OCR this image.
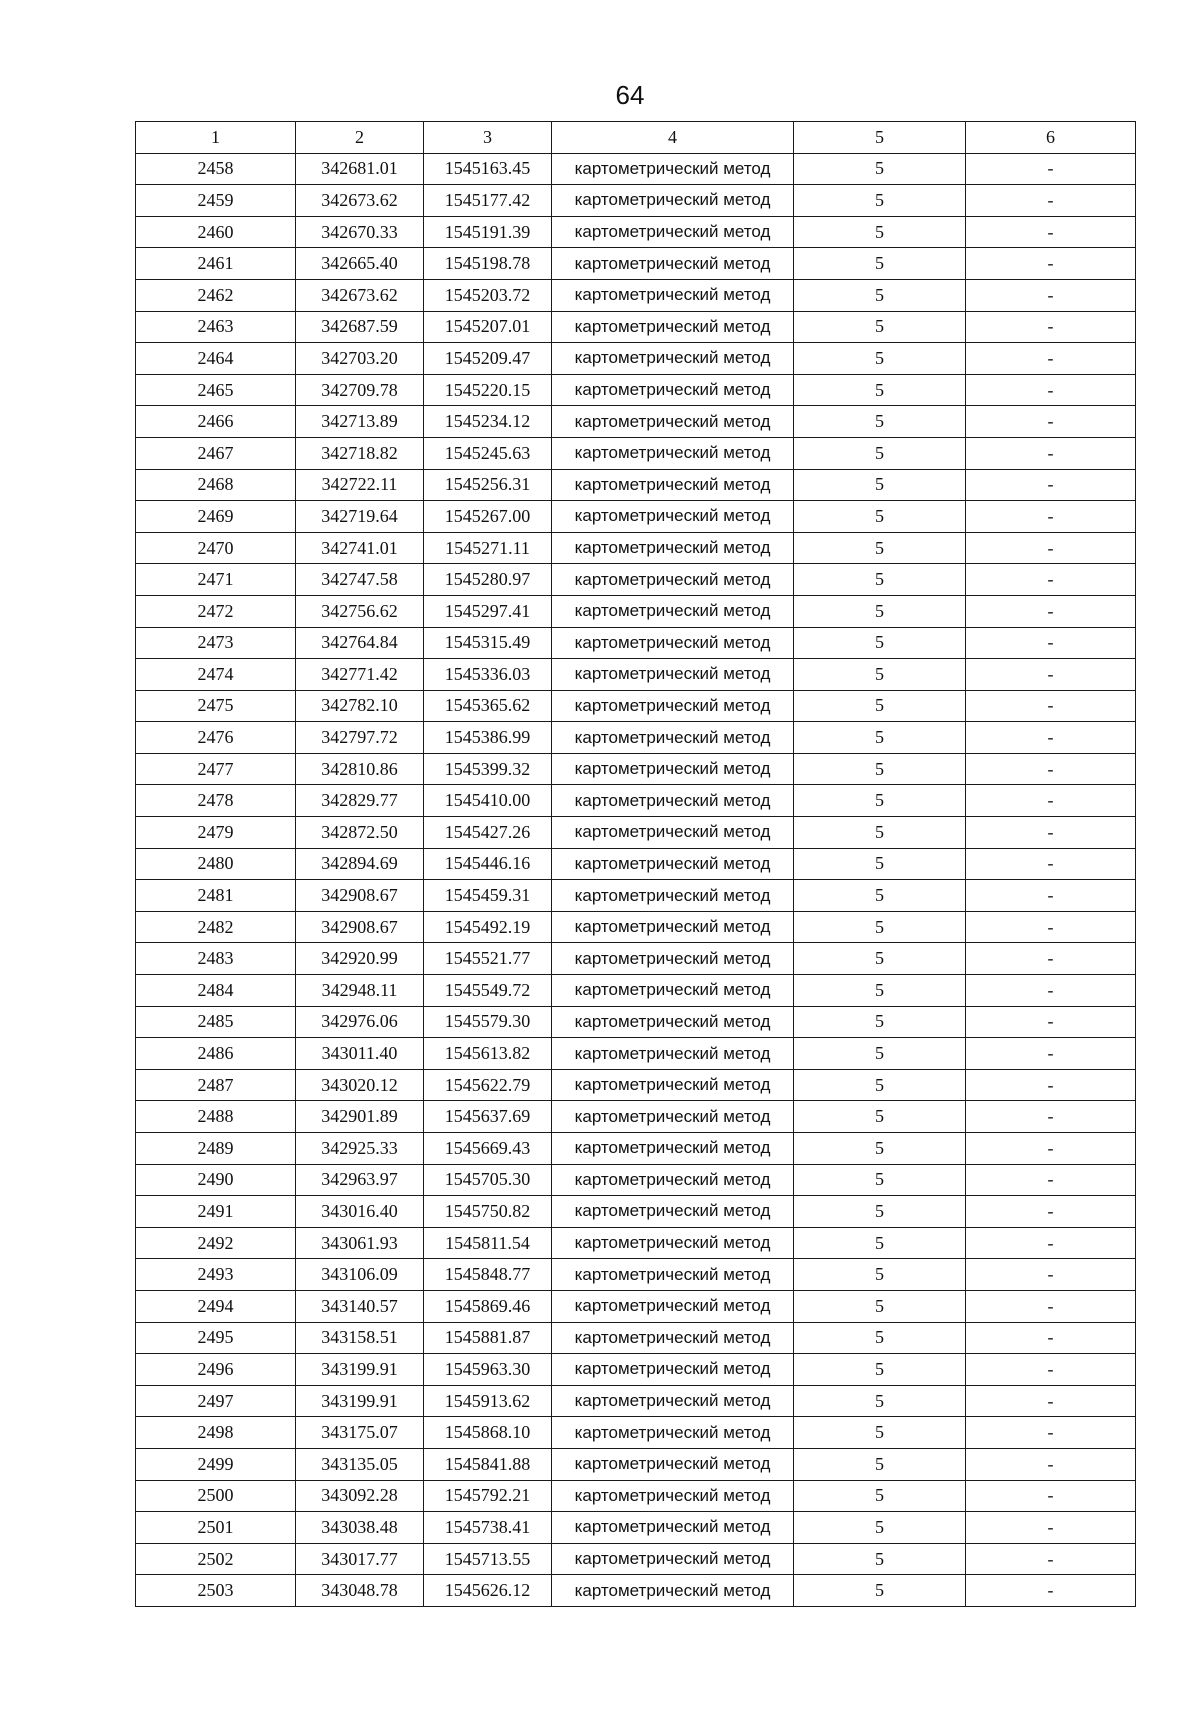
64
1	2	3	4	5	6
2458	342681.01	1545163.45	картометрический метод	5	-
2459	342673.62	1545177.42	картометрический метод	5	-
2460	342670.33	1545191.39	картометрический метод	5	-
2461	342665.40	1545198.78	картометрический метод	5	-
2462	342673.62	1545203.72	картометрический метод	5	-
2463	342687.59	1545207.01	картометрический метод	5	-
2464	342703.20	1545209.47	картометрический метод	5	-
2465	342709.78	1545220.15	картометрический метод	5	-
2466	342713.89	1545234.12	картометрический метод	5	-
2467	342718.82	1545245.63	картометрический метод	5	-
2468	342722.11	1545256.31	картометрический метод	5	-
2469	342719.64	1545267.00	картометрический метод	5	-
2470	342741.01	1545271.11	картометрический метод	5	-
2471	342747.58	1545280.97	картометрический метод	5	-
2472	342756.62	1545297.41	картометрический метод	5	-
2473	342764.84	1545315.49	картометрический метод	5	-
2474	342771.42	1545336.03	картометрический метод	5	-
2475	342782.10	1545365.62	картометрический метод	5	-
2476	342797.72	1545386.99	картометрический метод	5	-
2477	342810.86	1545399.32	картометрический метод	5	-
2478	342829.77	1545410.00	картометрический метод	5	-
2479	342872.50	1545427.26	картометрический метод	5	-
2480	342894.69	1545446.16	картометрический метод	5	-
2481	342908.67	1545459.31	картометрический метод	5	-
2482	342908.67	1545492.19	картометрический метод	5	-
2483	342920.99	1545521.77	картометрический метод	5	-
2484	342948.11	1545549.72	картометрический метод	5	-
2485	342976.06	1545579.30	картометрический метод	5	-
2486	343011.40	1545613.82	картометрический метод	5	-
2487	343020.12	1545622.79	картометрический метод	5	-
2488	342901.89	1545637.69	картометрический метод	5	-
2489	342925.33	1545669.43	картометрический метод	5	-
2490	342963.97	1545705.30	картометрический метод	5	-
2491	343016.40	1545750.82	картометрический метод	5	-
2492	343061.93	1545811.54	картометрический метод	5	-
2493	343106.09	1545848.77	картометрический метод	5	-
2494	343140.57	1545869.46	картометрический метод	5	-
2495	343158.51	1545881.87	картометрический метод	5	-
2496	343199.91	1545963.30	картометрический метод	5	-
2497	343199.91	1545913.62	картометрический метод	5	-
2498	343175.07	1545868.10	картометрический метод	5	-
2499	343135.05	1545841.88	картометрический метод	5	-
2500	343092.28	1545792.21	картометрический метод	5	-
2501	343038.48	1545738.41	картометрический метод	5	-
2502	343017.77	1545713.55	картометрический метод	5	-
2503	343048.78	1545626.12	картометрический метод	5	-
